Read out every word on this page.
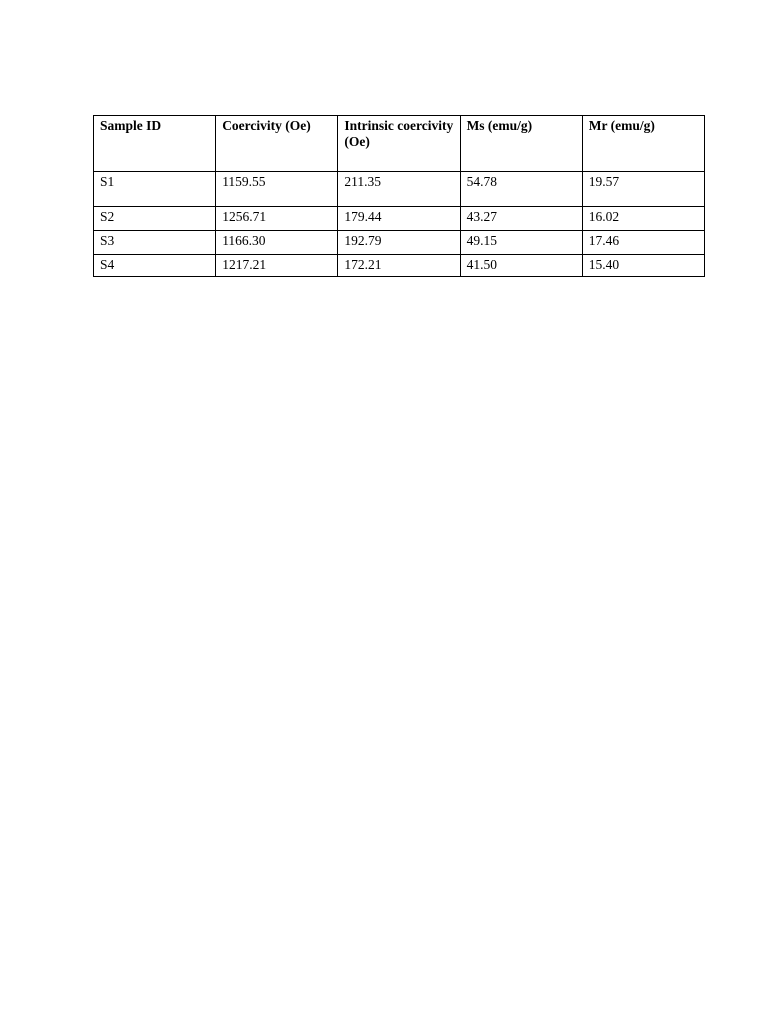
Sample ID	Coercivity (Oe)	Intrinsic coercivity (Oe)	Ms (emu/g)	Mr (emu/g)
S1	1159.55	211.35	54.78	19.57
S2	1256.71	179.44	43.27	16.02
S3	1166.30	192.79	49.15	17.46
S4	1217.21	172.21	41.50	15.40
